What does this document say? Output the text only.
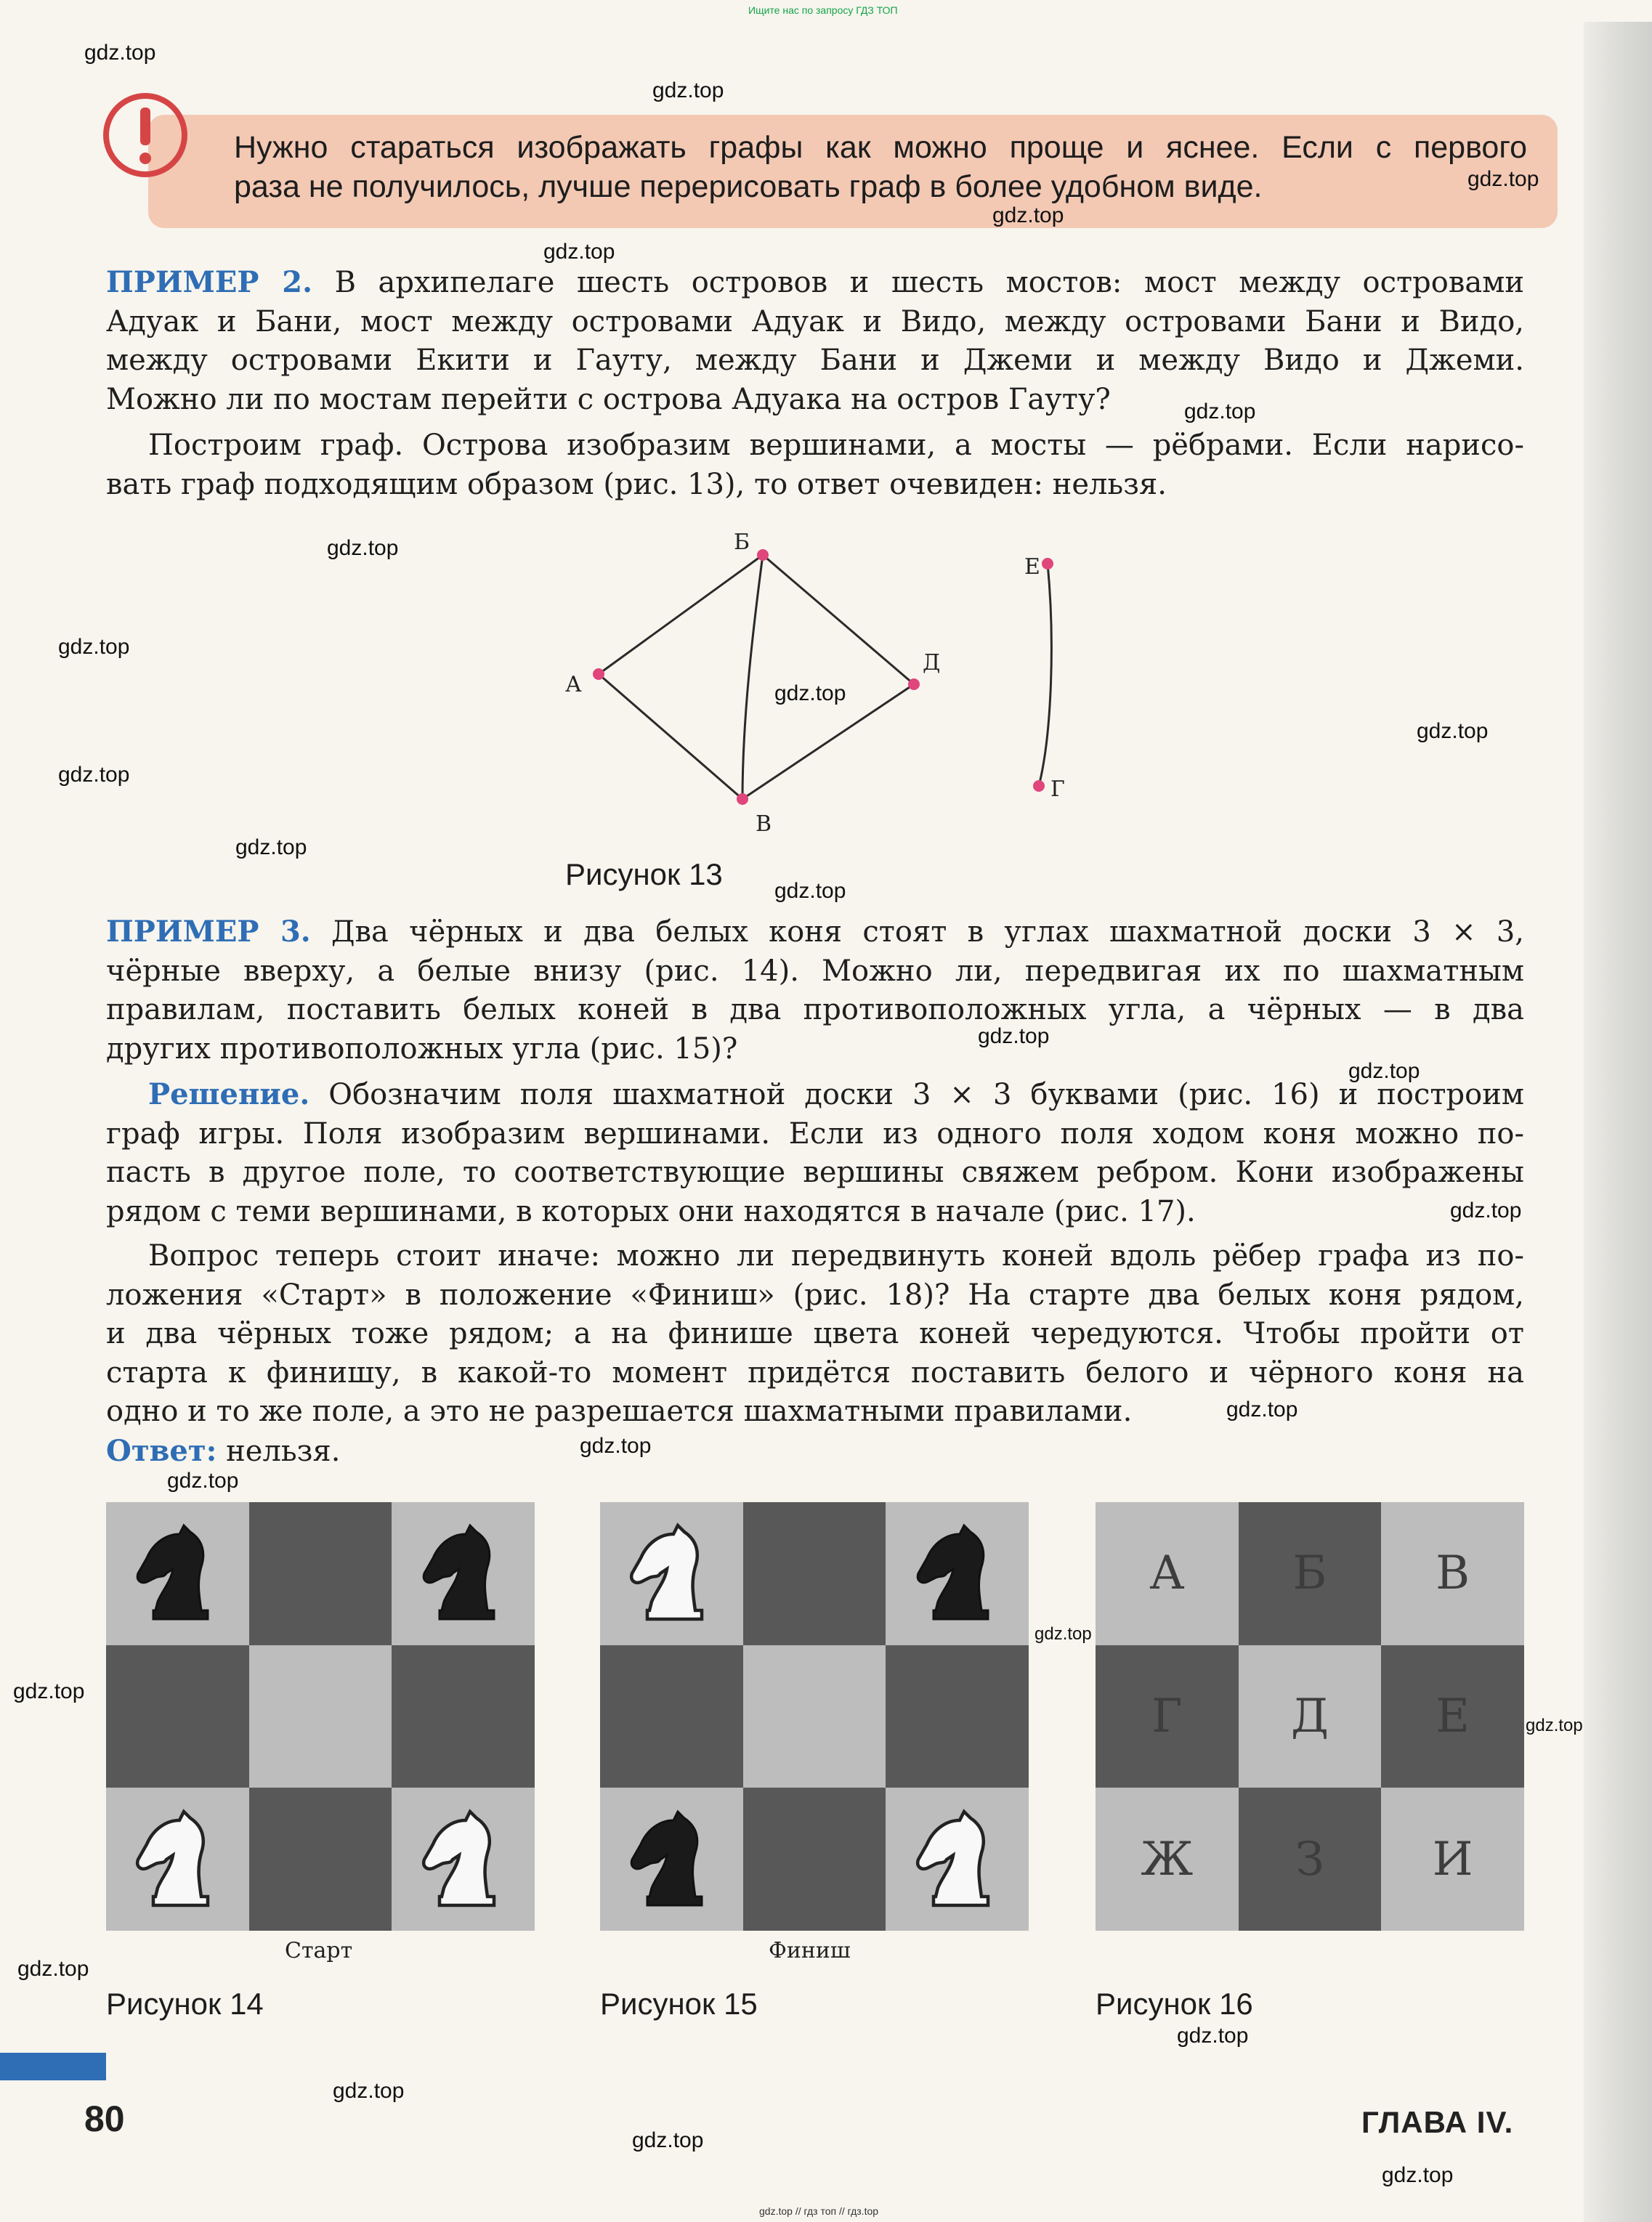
Ищите нас по запросу ГДЗ ТОП
Нужно стараться изображать графы как можно проще и яснее. Если с первого
раза не получилось, лучше перерисовать граф в более удобном виде.
ПРИМЕР 2. В архипелаге шесть островов и шесть мостов: мост между островами
Адуак и Бани, мост между островами Адуак и Видо, между островами Бани и Видо,
между островами Екити и Гауту, между Бани и Джеми и между Видо и Джеми.
Можно ли по мостам перейти с острова Адуака на остров Гауту?
Построим граф. Острова изобразим вершинами, а мосты — рёбрами. Если нарисо-
вать граф подходящим образом (рис. 13), то ответ очевиден: нельзя.
А
Б
В
Д
Е
Г
Рисунок 13
ПРИМЕР 3. Два чёрных и два белых коня стоят в углах шахматной доски 3 × 3,
чёрные вверху, а белые внизу (рис. 14). Можно ли, передвигая их по шахматным
правилам, поставить белых коней в два противоположных угла, а чёрных — в два
других противоположных угла (рис. 15)?
Решение. Обозначим поля шахматной доски 3 × 3 буквами (рис. 16) и построим
граф игры. Поля изобразим вершинами. Если из одного поля ходом коня можно по-
пасть в другое поле, то соответствующие вершины свяжем ребром. Кони изображены
рядом с теми вершинами, в которых они находятся в начале (рис. 17).
Вопрос теперь стоит иначе: можно ли передвинуть коней вдоль рёбер графа из по-
ложения «Старт» в положение «Финиш» (рис. 18)? На старте два белых коня рядом,
и два чёрных тоже рядом; а на финише цвета коней чередуются. Чтобы пройти от
старта к финишу, в какой-то момент придётся поставить белого и чёрного коня на
одно и то же поле, а это не разрешается шахматными правилами.
Ответ: нельзя.
Старт
Рисунок 14
Финиш
Рисунок 15
А Б В
Г Д Е
Ж З И
Рисунок 16
80	ГЛАВА IV.
gdz.top // гдз топ // гдз.top
gdz.top
gdz.top
gdz.top
gdz.top
gdz.top
gdz.top
gdz.top
gdz.top
gdz.top
gdz.top
gdz.top
gdz.top
gdz.top
gdz.top
gdz.top
gdz.top
gdz.top
gdz.top
gdz.top
gdz.top
gdz.top
gdz.top
gdz.top
gdz.top
gdz.top
gdz.top
gdz.top
